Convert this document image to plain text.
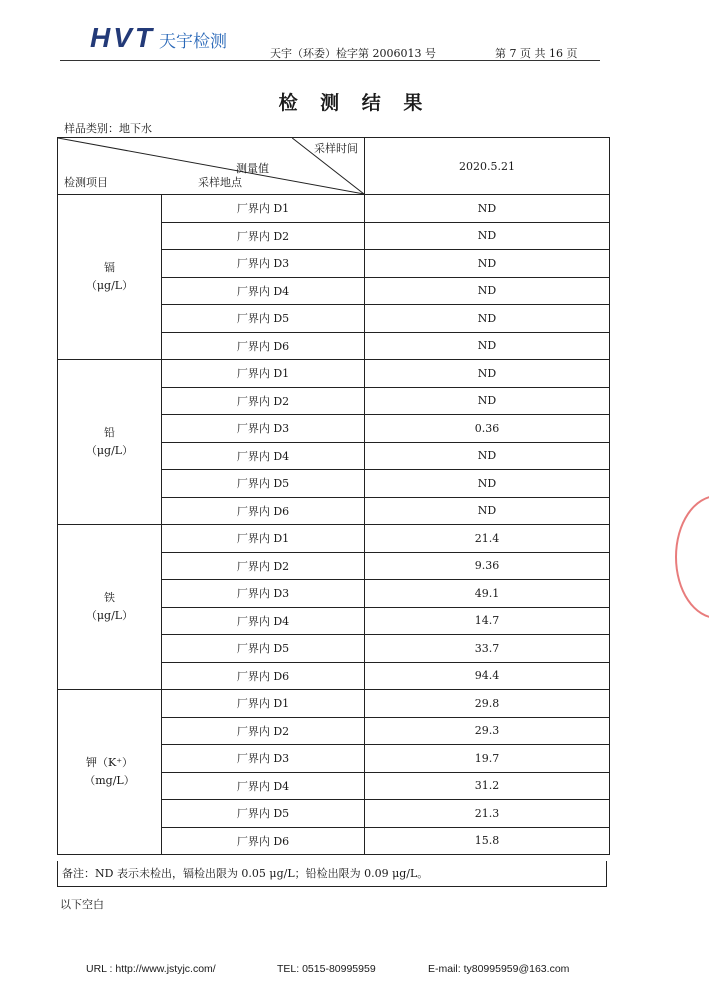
HVT 天宇检测
天宇（环委）检字第 2006013 号	第 7 页 共 16 页
检 测 结 果
样品类别：地下水
采样时间
测量值
检测项目 采样地点		2020.5.21

镉
（μg/L）	厂界内 D1	ND
	厂界内 D2	ND
	厂界内 D3	ND
	厂界内 D4	ND
	厂界内 D5	ND
	厂界内 D6	ND

铅
（μg/L）	厂界内 D1	ND
	厂界内 D2	ND
	厂界内 D3	0.36
	厂界内 D4	ND
	厂界内 D5	ND
	厂界内 D6	ND

铁
（μg/L）	厂界内 D1	21.4
	厂界内 D2	9.36
	厂界内 D3	49.1
	厂界内 D4	14.7
	厂界内 D5	33.7
	厂界内 D6	94.4

钾（K⁺）
（mg/L）	厂界内 D1	29.8
	厂界内 D2	29.3
	厂界内 D3	19.7
	厂界内 D4	31.2
	厂界内 D5	21.3
	厂界内 D6	15.8
备注：ND 表示未检出，镉检出限为 0.05 μg/L；铅检出限为 0.09 μg/L。
以下空白
URL : http://www.jstyjc.com/	TEL: 0515-80995959	E-mail: ty80995959@163.com
